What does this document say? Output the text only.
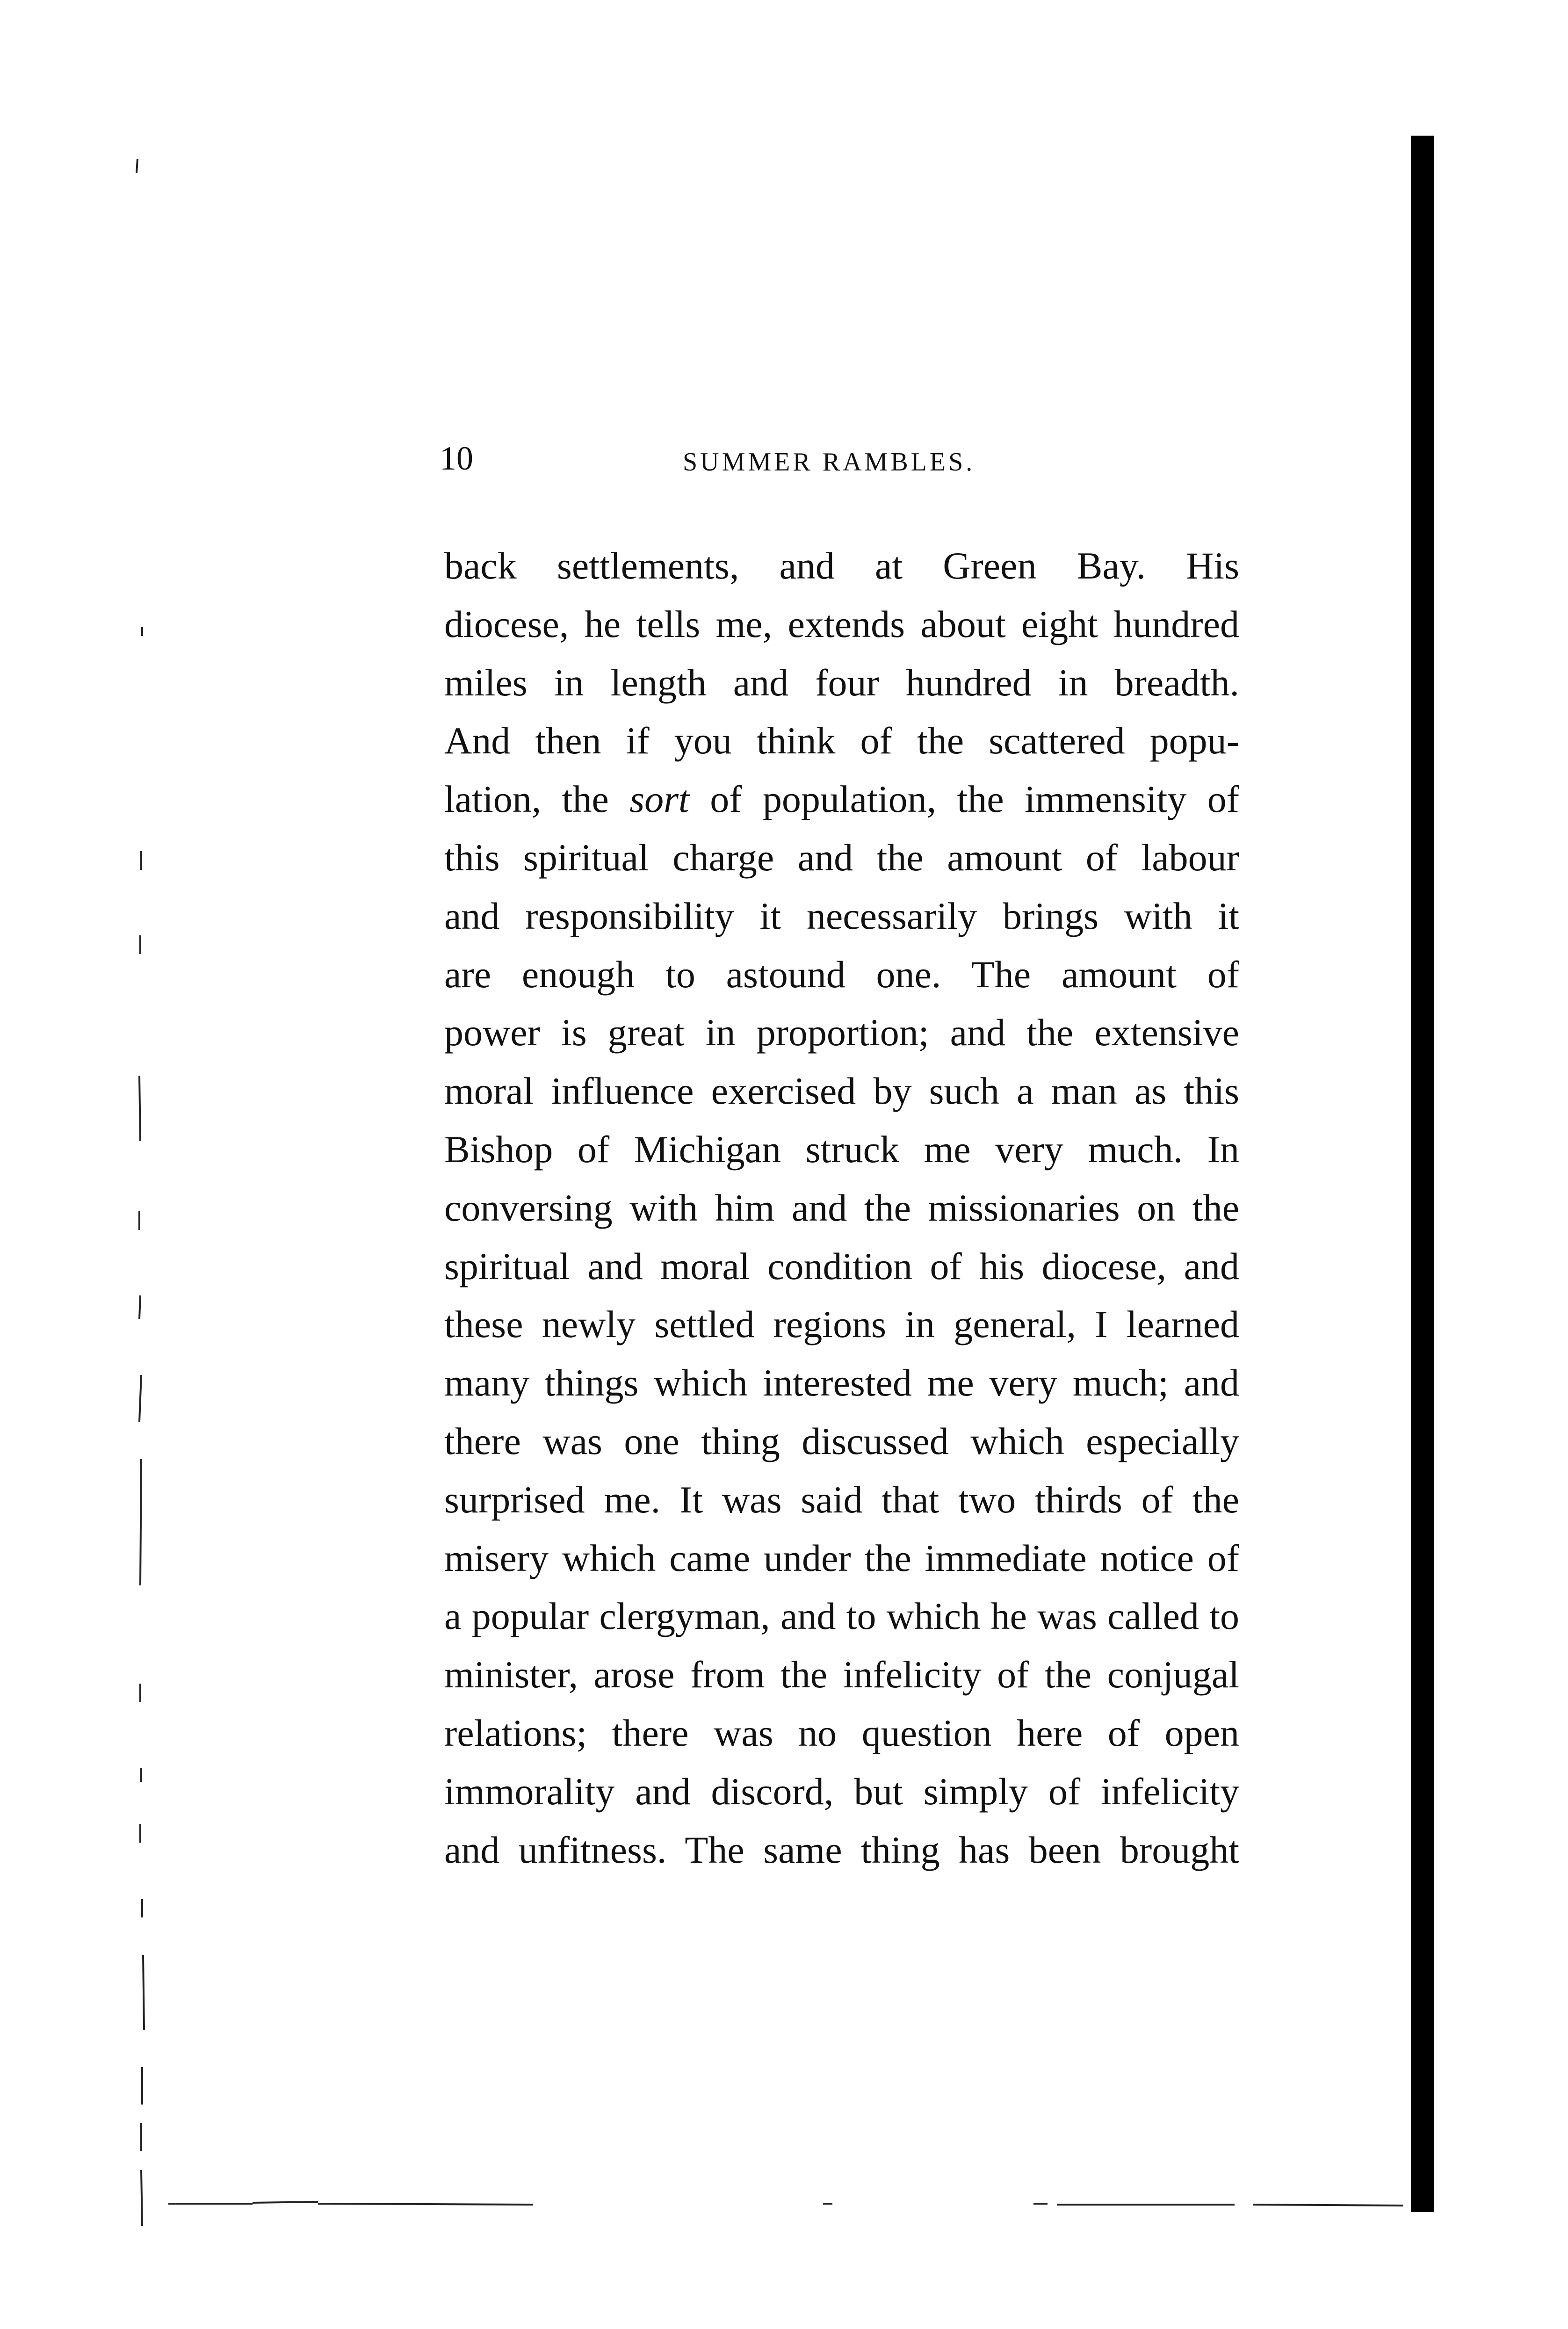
10	SUMMER RAMBLES.
back settlements, and at Green Bay. His
diocese, he tells me, extends about eight hundred
miles in length and four hundred in breadth.
And then if you think of the scattered popu-
lation, the sort of population, the immensity of
this spiritual charge and the amount of labour
and responsibility it necessarily brings with it
are enough to astound one. The amount of
power is great in proportion; and the extensive
moral influence exercised by such a man as this
Bishop of Michigan struck me very much. In
conversing with him and the missionaries on the
spiritual and moral condition of his diocese, and
these newly settled regions in general, I learned
many things which interested me very much; and
there was one thing discussed which especially
surprised me. It was said that two thirds of the
misery which came under the immediate notice of
a popular clergyman, and to which he was called to
minister, arose from the infelicity of the conjugal
relations; there was no question here of open
immorality and discord, but simply of infelicity
and unfitness. The same thing has been brought
